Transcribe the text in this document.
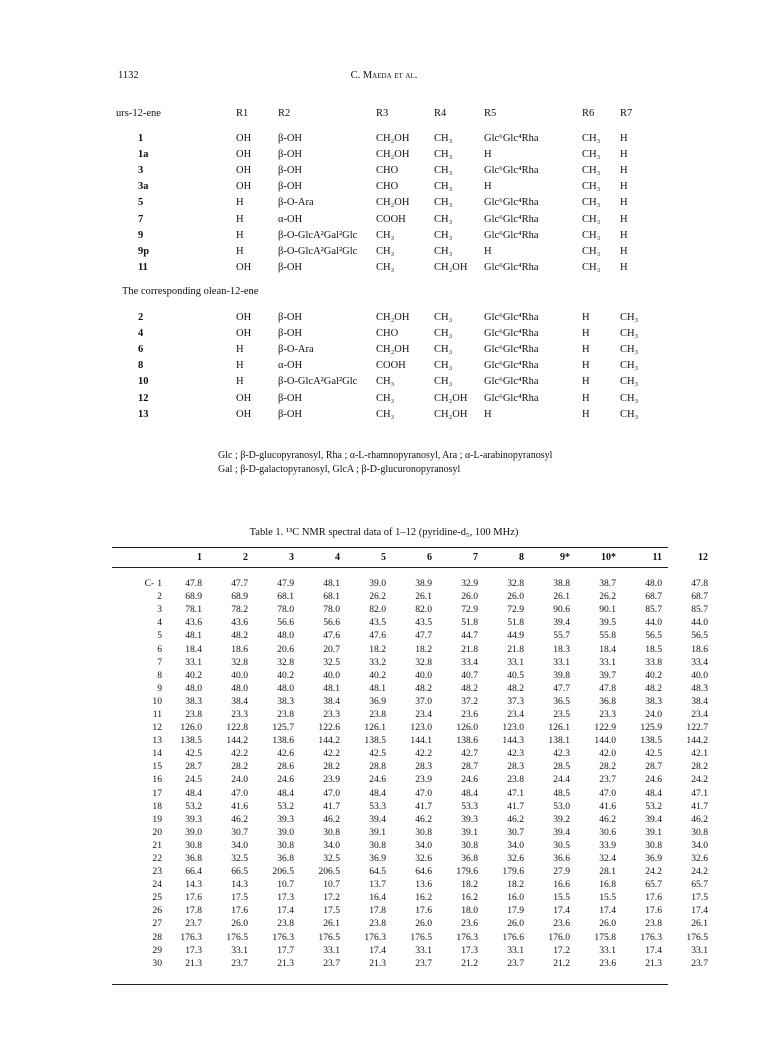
1132	C. Maeda et al.
urs-12-ene	R1	R2	R3	R4	R5	R6	R7
1	OH	β-OH	CH₂OH	CH₃	Glc⁶Glc⁴Rha	CH₃	H
1a	OH	β-OH	CH₂OH	CH₃	H	CH₃	H
3	OH	β-OH	CHO	CH₃	Glc⁶Glc⁴Rha	CH₃	H
3a	OH	β-OH	CHO	CH₃	H	CH₃	H
5	H	β-O-Ara	CH₂OH	CH₃	Glc⁶Glc⁴Rha	CH₃	H
7	H	α-OH	COOH	CH₃	Glc⁶Glc⁴Rha	CH₃	H
9	H	β-O-GlcA²Gal²Glc	CH₃	CH₃	Glc⁶Glc⁴Rha	CH₃	H
9p	H	β-O-GlcA²Gal²Glc	CH₃	CH₃	H	CH₃	H
11	OH	β-OH	CH₃	CH₂OH	Glc⁶Glc⁴Rha	CH₃	H
The corresponding olean-12-ene
2	OH	β-OH	CH₂OH	CH₃	Glc⁶Glc⁴Rha	H	CH₃
4	OH	β-OH	CHO	CH₃	Glc⁶Glc⁴Rha	H	CH₃
6	H	β-O-Ara	CH₂OH	CH₃	Glc⁶Glc⁴Rha	H	CH₃
8	H	α-OH	COOH	CH₃	Glc⁶Glc⁴Rha	H	CH₃
10	H	β-O-GlcA²Gal²Glc	CH₃	CH₃	Glc⁶Glc⁴Rha	H	CH₃
12	OH	β-OH	CH₃	CH₂OH	Glc⁶Glc⁴Rha	H	CH₃
13	OH	β-OH	CH₃	CH₂OH	H	H	CH₃
Glc ; β-D-glucopyranosyl, Rha ; α-L-rhamnopyranosyl, Ara ; α-L-arabinopyranosyl
Gal ; β-D-galactopyranosyl, GlcA ; β-D-glucuronopyranosyl
Table 1. ¹³C NMR spectral data of 1–12 (pyridine-d₅, 100 MHz)
	1	2	3	4	5	6	7	8	9*	10*	11	12
C- 1	47.8	47.7	47.9	48.1	39.0	38.9	32.9	32.8	38.8	38.7	48.0	47.8
2	68.9	68.9	68.1	68.1	26.2	26.1	26.0	26.0	26.1	26.2	68.7	68.7
3	78.1	78.2	78.0	78.0	82.0	82.0	72.9	72.9	90.6	90.1	85.7	85.7
4	43.6	43.6	56.6	56.6	43.5	43.5	51.8	51.8	39.4	39.5	44.0	44.0
5	48.1	48.2	48.0	47.6	47.6	47.7	44.7	44.9	55.7	55.8	56.5	56.5
6	18.4	18.6	20.6	20.7	18.2	18.2	21.8	21.8	18.3	18.4	18.5	18.6
7	33.1	32.8	32.8	32.5	33.2	32.8	33.4	33.1	33.1	33.1	33.8	33.4
8	40.2	40.0	40.2	40.0	40.2	40.0	40.7	40.5	39.8	39.7	40.2	40.0
9	48.0	48.0	48.0	48.1	48.1	48.2	48.2	48.2	47.7	47.8	48.2	48.3
10	38.3	38.4	38.3	38.4	36.9	37.0	37.2	37.3	36.5	36.8	38.3	38.4
11	23.8	23.3	23.8	23.3	23.8	23.4	23.6	23.4	23.5	23.3	24.0	23.4
12	126.0	122.8	125.7	122.6	126.1	123.0	126.0	123.0	126.1	122.9	125.9	122.7
13	138.5	144.2	138.6	144.2	138.5	144.1	138.6	144.3	138.1	144.0	138.5	144.2
14	42.5	42.2	42.6	42.2	42.5	42.2	42.7	42.3	42.3	42.0	42.5	42.1
15	28.7	28.2	28.6	28.2	28.8	28.3	28.7	28.3	28.5	28.2	28.7	28.2
16	24.5	24.0	24.6	23.9	24.6	23.9	24.6	23.8	24.4	23.7	24.6	24.2
17	48.4	47.0	48.4	47.0	48.4	47.0	48.4	47.1	48.5	47.0	48.4	47.1
18	53.2	41.6	53.2	41.7	53.3	41.7	53.3	41.7	53.0	41.6	53.2	41.7
19	39.3	46.2	39.3	46.2	39.4	46.2	39.3	46.2	39.2	46.2	39.4	46.2
20	39.0	30.7	39.0	30.8	39.1	30.8	39.1	30.7	39.4	30.6	39.1	30.8
21	30.8	34.0	30.8	34.0	30.8	34.0	30.8	34.0	30.5	33.9	30.8	34.0
22	36.8	32.5	36.8	32.5	36.9	32.6	36.8	32.6	36.6	32.4	36.9	32.6
23	66.4	66.5	206.5	206.5	64.5	64.6	179.6	179.6	27.9	28.1	24.2	24.2
24	14.3	14.3	10.7	10.7	13.7	13.6	18.2	18.2	16.6	16.8	65.7	65.7
25	17.6	17.5	17.3	17.2	16.4	16.2	16.2	16.0	15.5	15.5	17.6	17.5
26	17.8	17.6	17.4	17.5	17.8	17.6	18.0	17.9	17.4	17.4	17.6	17.4
27	23.7	26.0	23.8	26.1	23.8	26.0	23.6	26.0	23.6	26.0	23.8	26.1
28	176.3	176.5	176.3	176.5	176.3	176.5	176.3	176.6	176.0	175.8	176.3	176.5
29	17.3	33.1	17.7	33.1	17.4	33.1	17.3	33.1	17.2	33.1	17.4	33.1
30	21.3	23.7	21.3	23.7	21.3	23.7	21.2	23.7	21.2	23.6	21.3	23.7
